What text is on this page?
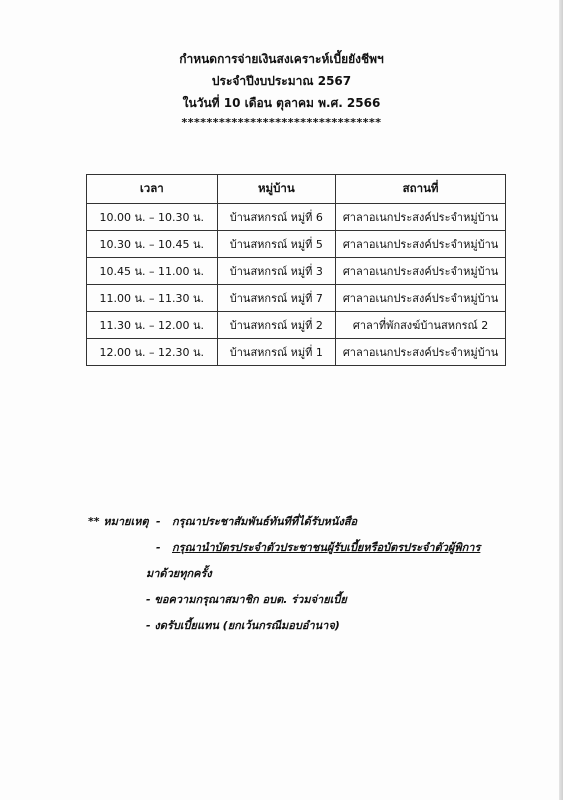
กำหนดการจ่ายเงินสงเคราะห์เบี้ยยังชีพฯ
ประจำปีงบประมาณ 2567
ในวันที่ 10 เดือน ตุลาคม พ.ศ. 2566
********************************
เวลา	หมู่บ้าน	สถานที่
10.00 น. – 10.30 น.	บ้านสหกรณ์ หมู่ที่ 6	ศาลาอเนกประสงค์ประจำหมู่บ้าน
10.30 น. – 10.45 น.	บ้านสหกรณ์ หมู่ที่ 5	ศาลาอเนกประสงค์ประจำหมู่บ้าน
10.45 น. – 11.00 น.	บ้านสหกรณ์ หมู่ที่ 3	ศาลาอเนกประสงค์ประจำหมู่บ้าน
11.00 น. – 11.30 น.	บ้านสหกรณ์ หมู่ที่ 7	ศาลาอเนกประสงค์ประจำหมู่บ้าน
11.30 น. – 12.00 น.	บ้านสหกรณ์ หมู่ที่ 2	ศาลาที่พักสงฆ์บ้านสหกรณ์ 2
12.00 น. – 12.30 น.	บ้านสหกรณ์ หมู่ที่ 1	ศาลาอเนกประสงค์ประจำหมู่บ้าน
** หมายเหตุ - กรุณาประชาสัมพันธ์ทันทีที่ได้รับหนังสือ
- กรุณานำบัตรประจำตัวประชาชนผู้รับเบี้ยหรือบัตรประจำตัวผู้พิการ
มาด้วยทุกครั้ง
- ขอความกรุณาสมาชิก อบต. ร่วมจ่ายเบี้ย
- งดรับเบี้ยแทน (ยกเว้นกรณีมอบอำนาจ)
